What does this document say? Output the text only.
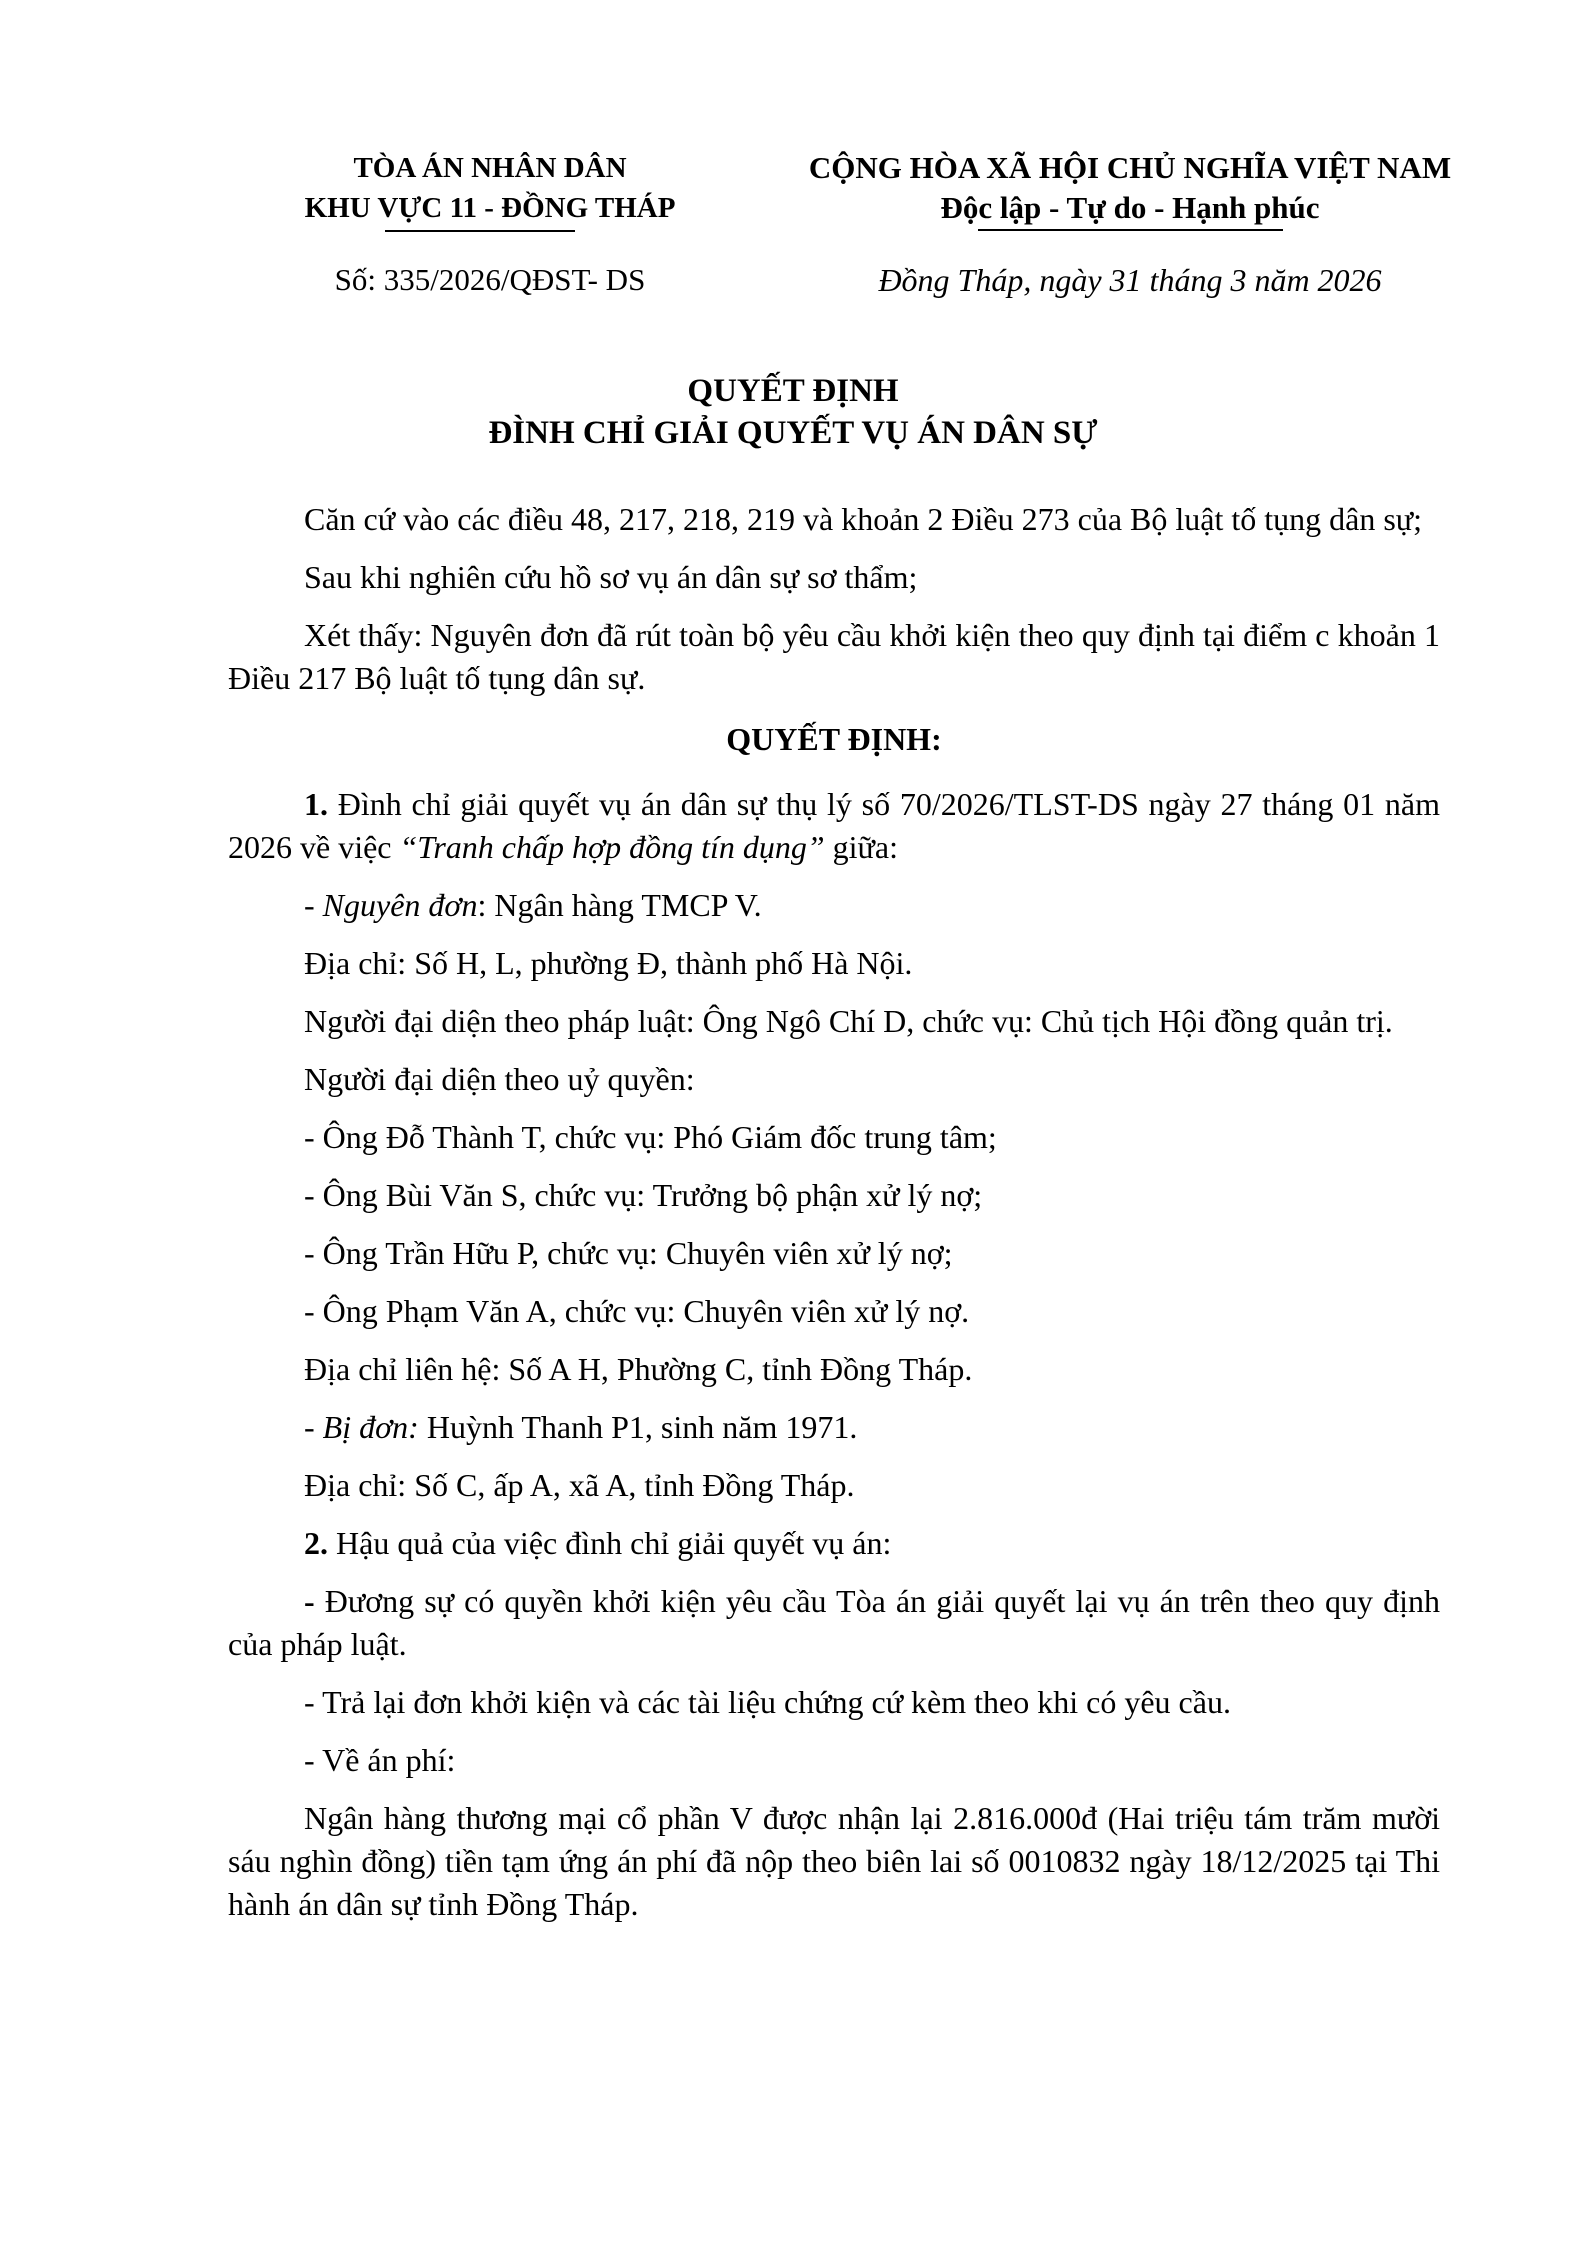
TÒA ÁN NHÂN DÂN
KHU VỰC 11 - ĐỒNG THÁP
CỘNG HÒA XÃ HỘI CHỦ NGHĨA VIỆT NAM
Độc lập - Tự do - Hạnh phúc
Số: 335/2026/QĐST- DS	Đồng Tháp, ngày 31 tháng 3 năm 2026
QUYẾT ĐỊNH
ĐÌNH CHỈ GIẢI QUYẾT VỤ ÁN DÂN SỰ

Căn cứ vào các điều 48, 217, 218, 219 và khoản 2 Điều 273 của Bộ luật tố tụng dân sự;

Sau khi nghiên cứu hồ sơ vụ án dân sự sơ thẩm;

Xét thấy: Nguyên đơn đã rút toàn bộ yêu cầu khởi kiện theo quy định tại điểm c khoản 1 Điều 217 Bộ luật tố tụng dân sự.

QUYẾT ĐỊNH:

1. Đình chỉ giải quyết vụ án dân sự thụ lý số 70/2026/TLST-DS ngày 27 tháng 01 năm 2026 về việc “Tranh chấp hợp đồng tín dụng” giữa:

- Nguyên đơn: Ngân hàng TMCP V.

Địa chỉ: Số H, L, phường Đ, thành phố Hà Nội.

Người đại diện theo pháp luật: Ông Ngô Chí D, chức vụ: Chủ tịch Hội đồng quản trị.

Người đại diện theo uỷ quyền:

- Ông Đỗ Thành T, chức vụ: Phó Giám đốc trung tâm;

- Ông Bùi Văn S, chức vụ: Trưởng bộ phận xử lý nợ;

- Ông Trần Hữu P, chức vụ: Chuyên viên xử lý nợ;

- Ông Phạm Văn A, chức vụ: Chuyên viên xử lý nợ.

Địa chỉ liên hệ: Số A H, Phường C, tỉnh Đồng Tháp.

- Bị đơn: Huỳnh Thanh P1, sinh năm 1971.

Địa chỉ: Số C, ấp A, xã A, tỉnh Đồng Tháp.

2. Hậu quả của việc đình chỉ giải quyết vụ án:

- Đương sự có quyền khởi kiện yêu cầu Tòa án giải quyết lại vụ án trên theo quy định của pháp luật.

- Trả lại đơn khởi kiện và các tài liệu chứng cứ kèm theo khi có yêu cầu.

- Về án phí:

Ngân hàng thương mại cổ phần V được nhận lại 2.816.000đ (Hai triệu tám trăm mười sáu nghìn đồng) tiền tạm ứng án phí đã nộp theo biên lai số 0010832 ngày 18/12/2025 tại Thi hành án dân sự tỉnh Đồng Tháp.
